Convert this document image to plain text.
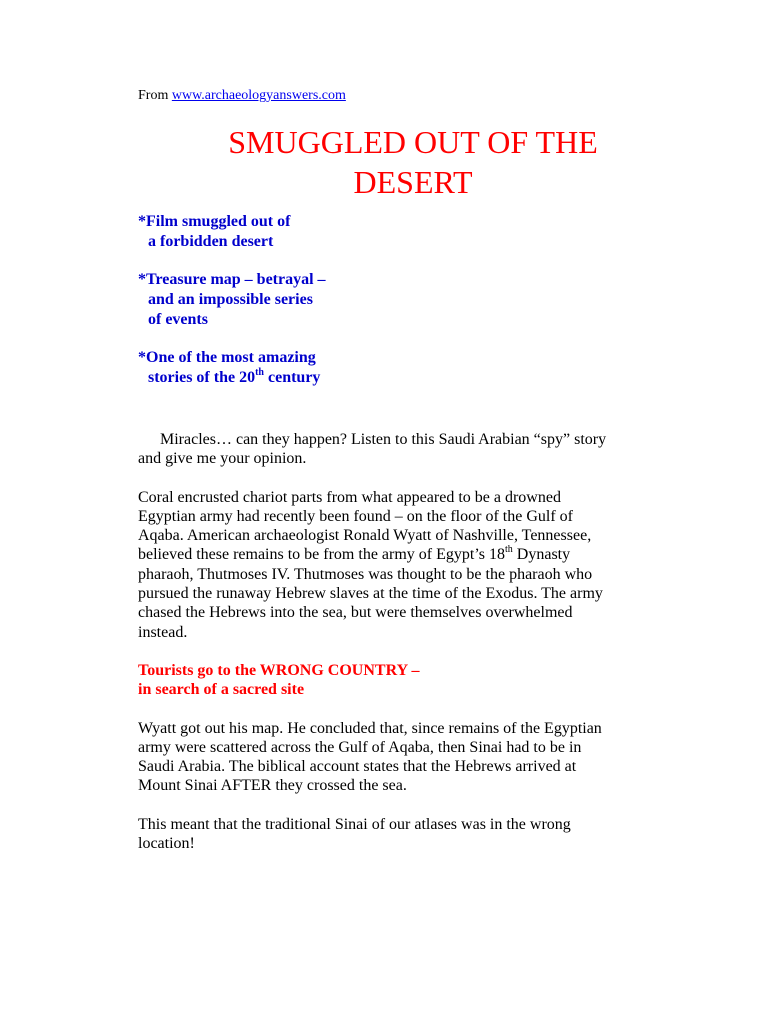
From www.archaeologyanswers.com
SMUGGLED OUT OF THE
DESERT
*Film smuggled out of
a forbidden desert
*Treasure map – betrayal –
and an impossible series
of events
*One of the most amazing
stories of the 20th century

Miracles… can they happen? Listen to this Saudi Arabian “spy” story
and give me your opinion.

Coral encrusted chariot parts from what appeared to be a drowned
Egyptian army had recently been found – on the floor of the Gulf of
Aqaba. American archaeologist Ronald Wyatt of Nashville, Tennessee,
believed these remains to be from the army of Egypt’s 18th Dynasty
pharaoh, Thutmoses IV. Thutmoses was thought to be the pharaoh who
pursued the runaway Hebrew slaves at the time of the Exodus. The army
chased the Hebrews into the sea, but were themselves overwhelmed
instead.

Tourists go to the WRONG COUNTRY –
in search of a sacred site

Wyatt got out his map. He concluded that, since remains of the Egyptian
army were scattered across the Gulf of Aqaba, then Sinai had to be in
Saudi Arabia. The biblical account states that the Hebrews arrived at
Mount Sinai AFTER they crossed the sea.

This meant that the traditional Sinai of our atlases was in the wrong
location!
